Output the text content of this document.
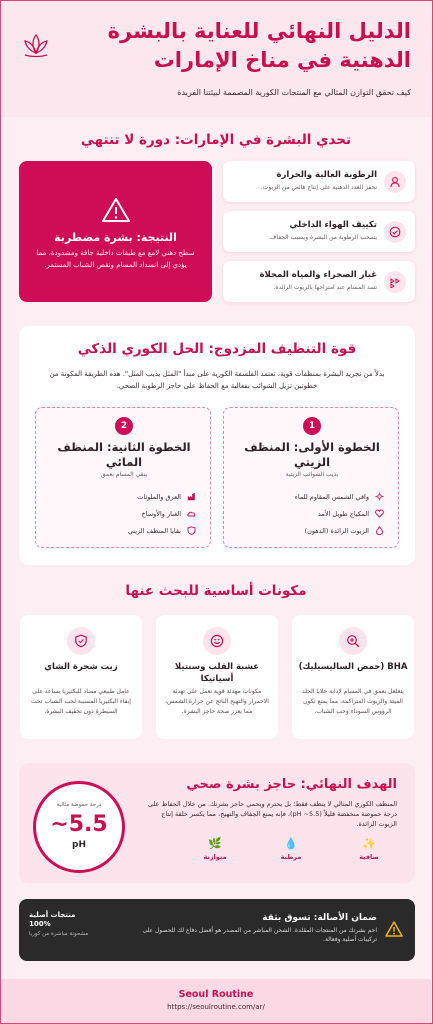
الدليل النهائي للعناية بالبشرة الدهنية في مناخ الإمارات
كيف تحقق التوازن المثالي مع المنتجات الكورية المصممة لبيئتنا الفريدة
تحدي البشرة في الإمارات: دورة لا تنتهي
الرطوبة العالية والحرارة
تحفز الغدد الدهنية على إنتاج فائض من الزيوت.
تكييف الهواء الداخلي
يسحب الرطوبة من البشرة ويسبب الجفاف.
غبار الصحراء والمياه المحلاة
تسد المسام عند امتزاجها بالزيوت الزائدة.
النتيجة: بشرة مضطربة
سطح دهني لامع مع طبقات داخلية جافة ومشدودة، مما يؤدي إلى انسداد المسام ونقص الشباب المستمر.
قوة التنظيف المزدوج: الحل الكوري الذكي
بدلاً من تجريد البشرة بمنظفات قوية، تعتمد الفلسفة الكورية على مبدأ "المثل يذيب المثل". هذه الطريقة المكونة من خطوتين تزيل الشوائب بفعالية مع الحفاظ على حاجز الرطوبة الصحي.
1
الخطوة الأولى: المنظف الزيتي
يذيب الشوائب الزيتية
واقي الشمس المقاوم للماء
المكياج طويل الأمد
الزيوت الزائدة (الدهون)
2
الخطوة الثانية: المنظف المائي
ينقي المسام بعمق
العرق والملوثات
الغبار والأوساخ
بقايا المنظف الزيتي
مكونات أساسية للبحث عنها
BHA (حمض الساليسيليك)
يتغلغل بعمق في المسام لإذابة خلايا الجلد الميتة والزيوت المتراكمة، مما يمنع تكون الرؤوس السوداء وحب الشباب.
عشبة القلب وسنتيلا أسياتيكا
مكونات مهدئة قوية تعمل على تهدئة الاحمرار والتهيج الناتج عن حرارة الشمس، مما يعزز صحة حاجز البشرة.
زيت شجرة الشاي
عامل طبيعي مضاد للبكتيريا يساعد على إبقاء البكتيريا المسببة لحب الشباب تحت السيطرة دون تجفيف البشرة.
الهدف النهائي: حاجز بشرة صحي
المنظف الكوري المثالي لا ينظف فقط؛ بل يحترم ويحمي حاجز بشرتك. من خلال الحفاظ على درجة حموضة منخفضة قليلاً (pH ~5.5)، فإنه يمنع الجفاف والتهيج، مما يكسر حلقة إنتاج الزيوت الزائدة.
✨
صافية
💧
مرطبة
🌿
متوازنة
درجة حموضة مثالية
5.5~
pH
ضمان الأصالة: تسوق بثقة
احم بشرتك من المنتجات المقلدة. الشحن المباشر من المصدر هو أفضل دفاع لك للحصول على تركيبات أصلية وفعالة.
منتجات أصلية
100%
مشحونة مباشرة من كوريا
Seoul Routine
https://seoulroutine.com/ar/
